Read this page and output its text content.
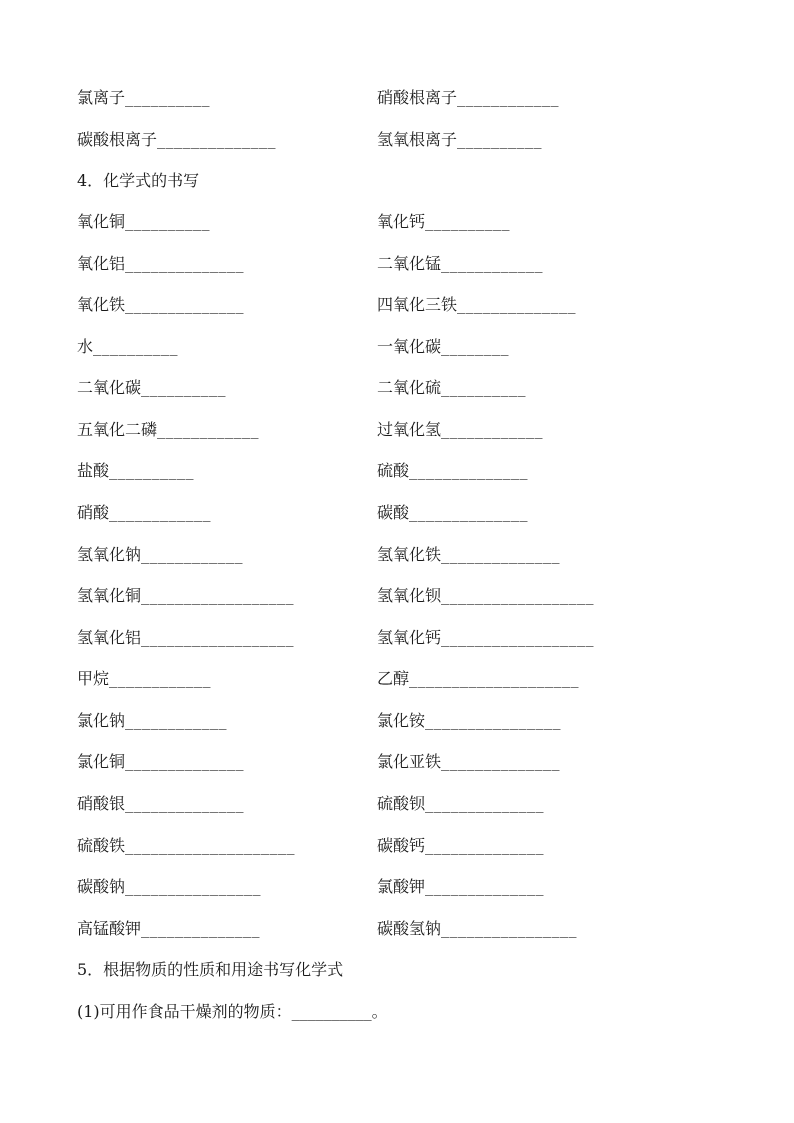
氯离子__________	硝酸根离子____________
碳酸根离子______________	氢氧根离子__________
4．化学式的书写
氧化铜__________	氧化钙__________
氧化铝______________	二氧化锰____________
氧化铁______________	四氧化三铁______________
水__________	一氧化碳________
二氧化碳__________	二氧化硫__________
五氧化二磷____________	过氧化氢____________
盐酸__________	硫酸______________
硝酸____________	碳酸______________
氢氧化钠____________	氢氧化铁______________
氢氧化铜__________________	氢氧化钡__________________
氢氧化铝__________________	氢氧化钙__________________
甲烷____________	乙醇____________________
氯化钠____________	氯化铵________________
氯化铜______________	氯化亚铁______________
硝酸银______________	硫酸钡______________
硫酸铁____________________	碳酸钙______________
碳酸钠________________	氯酸钾______________
高锰酸钾______________	碳酸氢钠________________
5．根据物质的性质和用途书写化学式
(1)可用作食品干燥剂的物质：__________。
